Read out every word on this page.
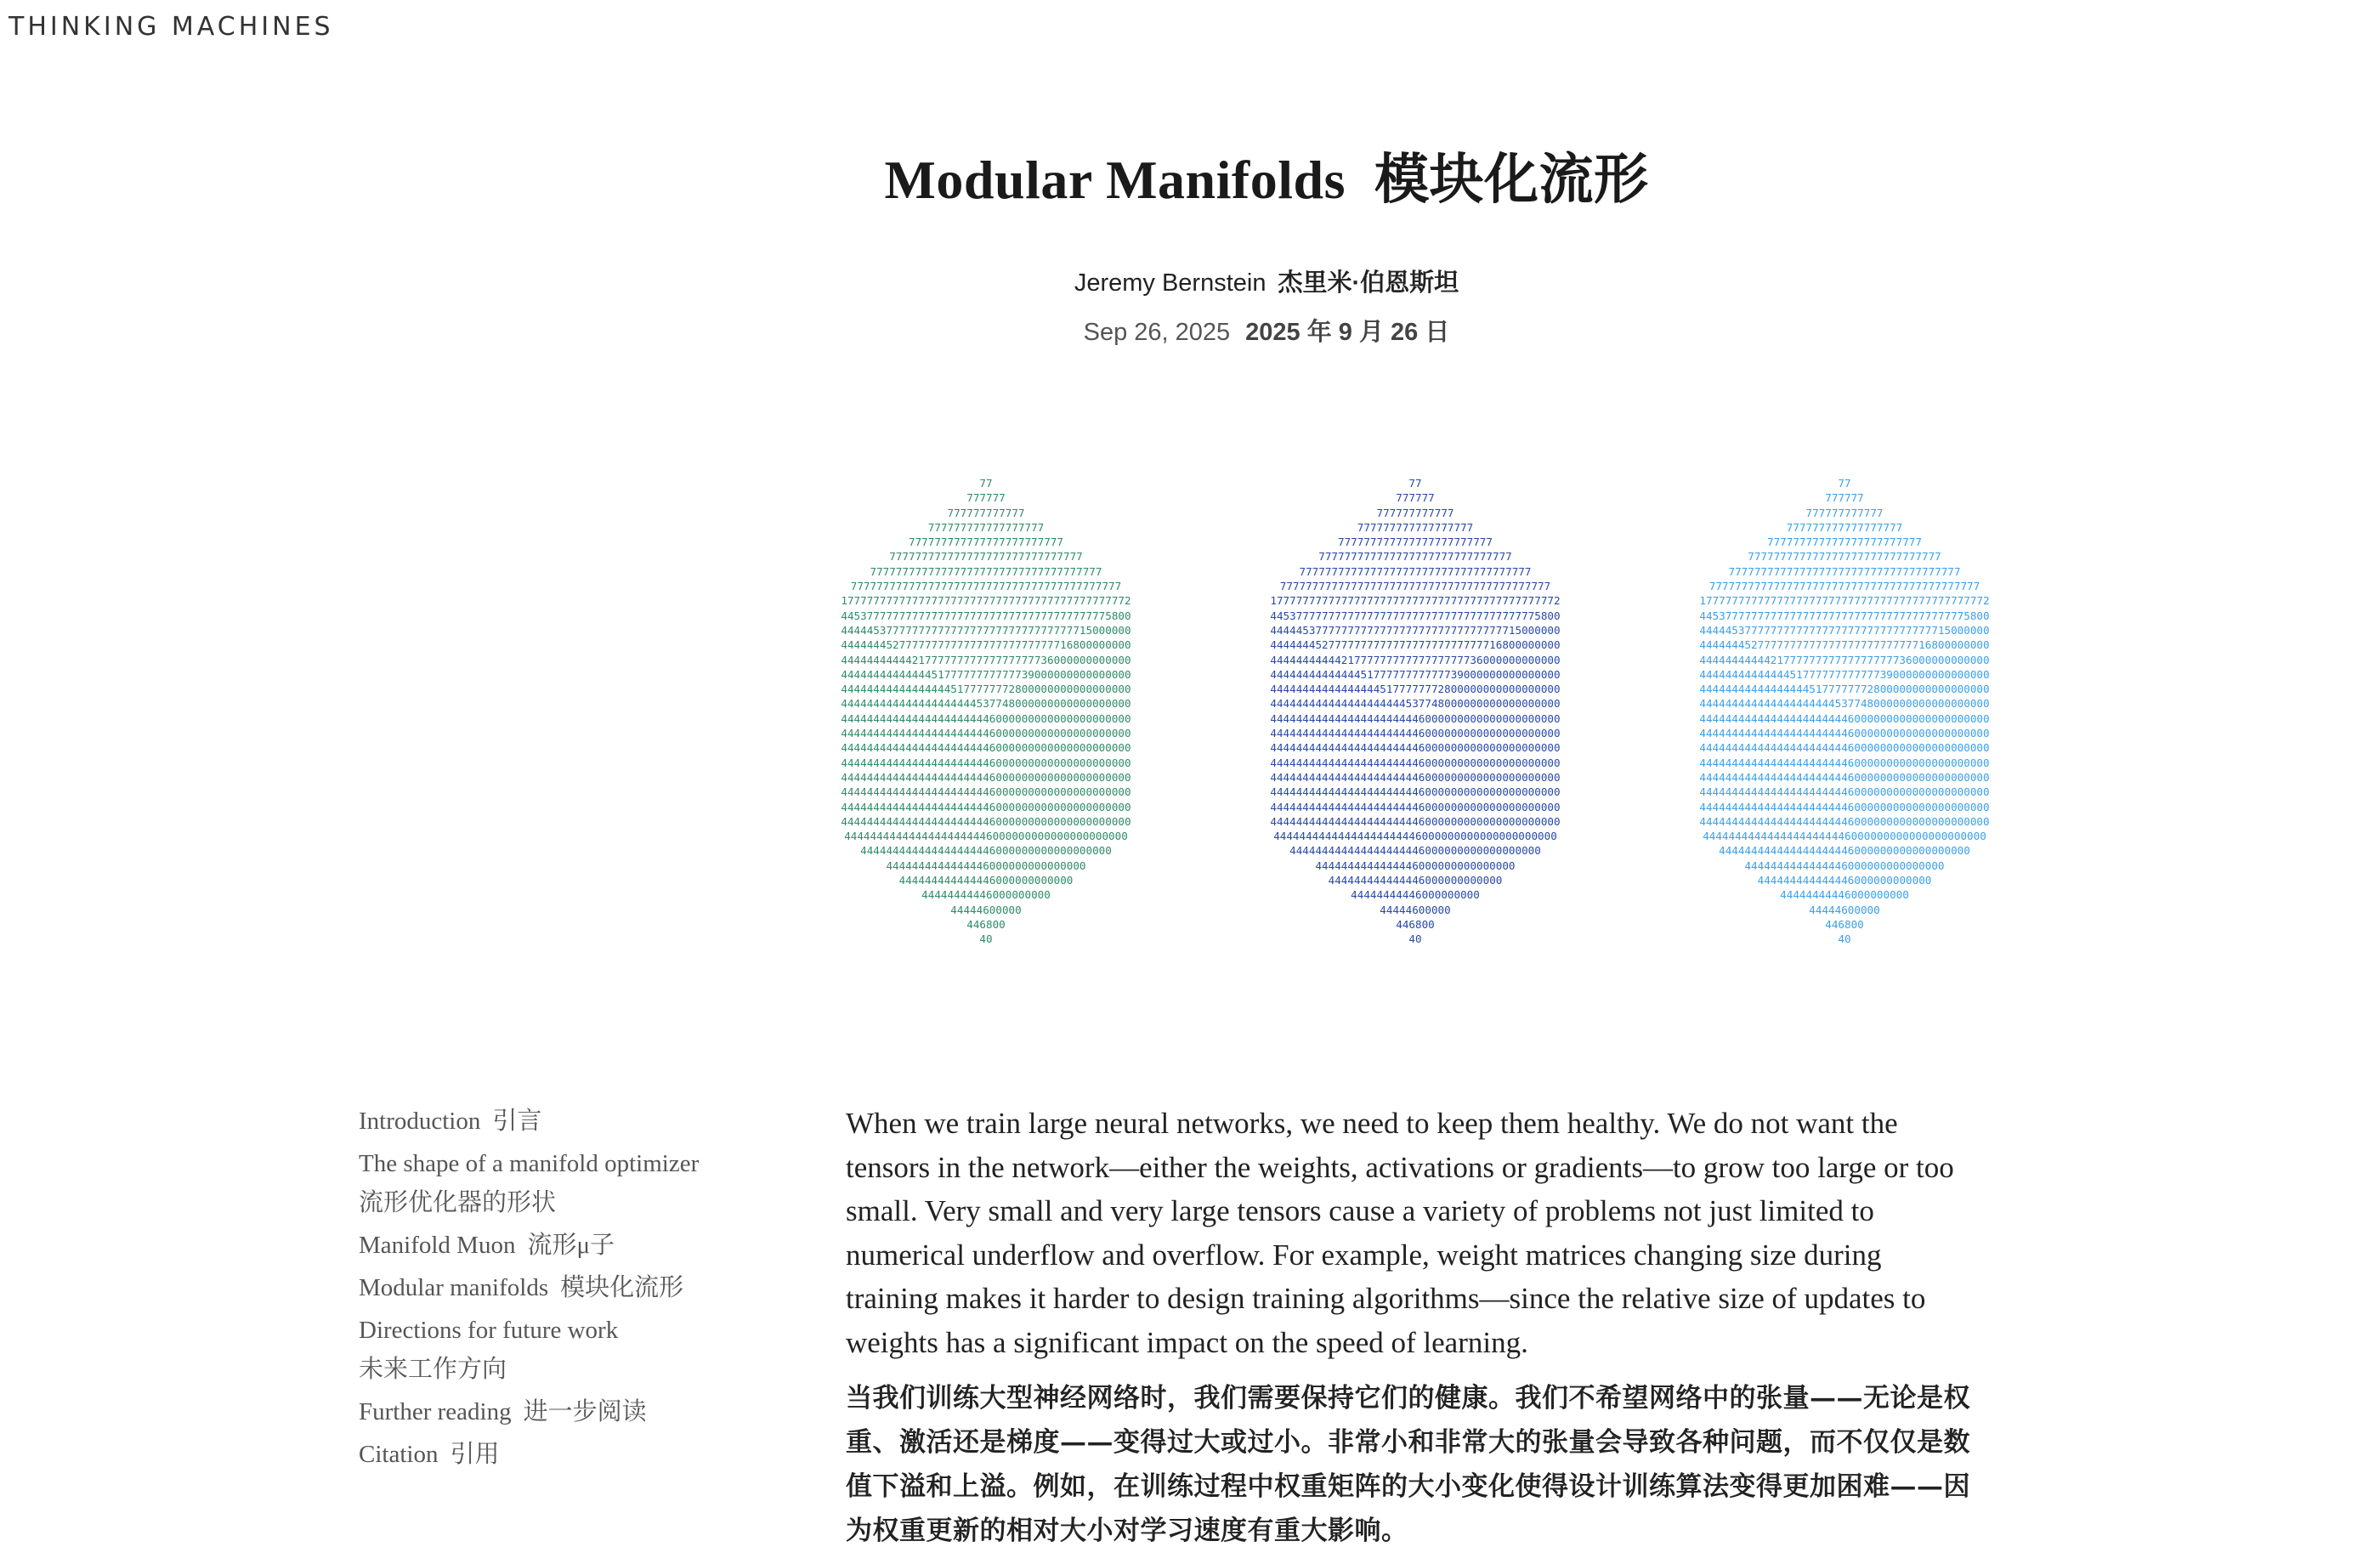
THINKING MACHINES
Modular Manifolds 模块化流形
Jeremy Bernstein 杰里米·伯恩斯坦
Sep 26, 2025 2025 年 9 月 26 日
77
777777
777777777777
777777777777777777
777777777777777777777777
777777777777777777777777777777
777777777777777777777777777777777777
777777777777777777777777777777777777777777
177777777777777777777777777777777777777777772
445377777777777777777777777777777777777775800
444445377777777777777777777777777777715000000
444444452777777777777777777777777716800000000
444444444442177777777777777777736000000000000
444444444444445177777777777739000000000000000
444444444444444445177777772800000000000000000
444444444444444444444537748000000000000000000
444444444444444444444446000000000000000000000
444444444444444444444446000000000000000000000
444444444444444444444446000000000000000000000
444444444444444444444446000000000000000000000
444444444444444444444446000000000000000000000
444444444444444444444446000000000000000000000
444444444444444444444446000000000000000000000
444444444444444444444446000000000000000000000
44444444444444444444446000000000000000000000
444444444444444444446000000000000000000
4444444444444446000000000000000
444444444444446000000000000
44444444446000000000
44444600000
446800
40
77
777777
777777777777
777777777777777777
777777777777777777777777
777777777777777777777777777777
777777777777777777777777777777777777
777777777777777777777777777777777777777777
177777777777777777777777777777777777777777772
445377777777777777777777777777777777777775800
444445377777777777777777777777777777715000000
444444452777777777777777777777777716800000000
444444444442177777777777777777736000000000000
444444444444445177777777777739000000000000000
444444444444444445177777772800000000000000000
444444444444444444444537748000000000000000000
444444444444444444444446000000000000000000000
444444444444444444444446000000000000000000000
444444444444444444444446000000000000000000000
444444444444444444444446000000000000000000000
444444444444444444444446000000000000000000000
444444444444444444444446000000000000000000000
444444444444444444444446000000000000000000000
444444444444444444444446000000000000000000000
44444444444444444444446000000000000000000000
444444444444444444446000000000000000000
4444444444444446000000000000000
444444444444446000000000000
44444444446000000000
44444600000
446800
40
77
777777
777777777777
777777777777777777
777777777777777777777777
777777777777777777777777777777
777777777777777777777777777777777777
777777777777777777777777777777777777777777
177777777777777777777777777777777777777777772
445377777777777777777777777777777777777775800
444445377777777777777777777777777777715000000
444444452777777777777777777777777716800000000
444444444442177777777777777777736000000000000
444444444444445177777777777739000000000000000
444444444444444445177777772800000000000000000
444444444444444444444537748000000000000000000
444444444444444444444446000000000000000000000
444444444444444444444446000000000000000000000
444444444444444444444446000000000000000000000
444444444444444444444446000000000000000000000
444444444444444444444446000000000000000000000
444444444444444444444446000000000000000000000
444444444444444444444446000000000000000000000
444444444444444444444446000000000000000000000
44444444444444444444446000000000000000000000
444444444444444444446000000000000000000
4444444444444446000000000000000
444444444444446000000000000
44444444446000000000
44444600000
446800
40
Introduction 引言
The shape of a manifold optimizer
流形优化器的形状
Manifold Muon 流形μ子
Modular manifolds 模块化流形
Directions for future work
未来工作方向
Further reading 进一步阅读
Citation 引用

When we train large neural networks, we need to keep them healthy. We do not want the tensors in the network—either the weights, activations or gradients—to grow too large or too small. Very small and very large tensors cause a variety of problems not just limited to numerical underflow and overflow. For example, weight matrices changing size during training makes it harder to design training algorithms—since the relative size of updates to weights has a significant impact on the speed of learning.

当我们训练大型神经网络时，我们需要保持它们的健康。我们不希望网络中的张量——无论是权重、激活还是梯度——变得过大或过小。非常小和非常大的张量会导致各种问题，而不仅仅是数值下溢和上溢。例如，在训练过程中权重矩阵的大小变化使得设计训练算法变得更加困难——因为权重更新的相对大小对学习速度有重大影响。
